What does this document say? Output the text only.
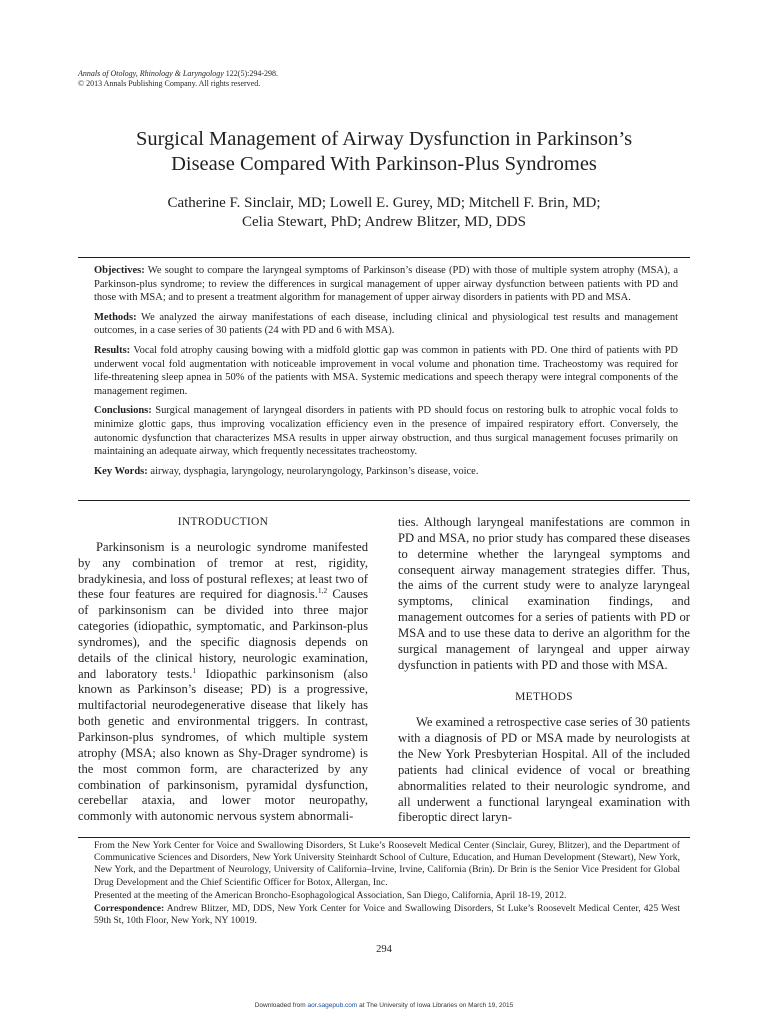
Annals of Otology, Rhinology & Laryngology 122(5):294-298.
© 2013 Annals Publishing Company. All rights reserved.
Surgical Management of Airway Dysfunction in Parkinson’s
Disease Compared With Parkinson-Plus Syndromes
Catherine F. Sinclair, MD; Lowell E. Gurey, MD; Mitchell F. Brin, MD;
Celia Stewart, PhD; Andrew Blitzer, MD, DDS

Objectives: We sought to compare the laryngeal symptoms of Parkinson’s disease (PD) with those of multiple system atrophy (MSA), a Parkinson-plus syndrome; to review the differences in surgical management of upper airway dysfunction between patients with PD and those with MSA; and to present a treatment algorithm for management of upper airway disorders in patients with PD and MSA.

Methods: We analyzed the airway manifestations of each disease, including clinical and physiological test results and management outcomes, in a case series of 30 patients (24 with PD and 6 with MSA).

Results: Vocal fold atrophy causing bowing with a midfold glottic gap was common in patients with PD. One third of patients with PD underwent vocal fold augmentation with noticeable improvement in vocal volume and phonation time. Tracheostomy was required for life-threatening sleep apnea in 50% of the patients with MSA. Systemic medications and speech therapy were integral components of the management regimen.

Conclusions: Surgical management of laryngeal disorders in patients with PD should focus on restoring bulk to atrophic vocal folds to minimize glottic gaps, thus improving vocalization efficiency even in the presence of impaired respiratory effort. Conversely, the autonomic dysfunction that characterizes MSA results in upper airway obstruction, and thus surgical management focuses primarily on maintaining an adequate airway, which frequently necessitates tracheostomy.

Key Words: airway, dysphagia, laryngology, neurolaryngology, Parkinson’s disease, voice.

INTRODUCTION

Parkinsonism is a neurologic syndrome manifested by any combination of tremor at rest, rigidity, bradykinesia, and loss of postural reflexes; at least two of these four features are required for diagnosis.$^{1,2}$ Causes of parkinsonism can be divided into three major categories (idiopathic, symptomatic, and Parkinson-plus syndromes), and the specific diagnosis depends on details of the clinical history, neurologic examination, and laboratory tests.$^1$ Idiopathic parkinsonism (also known as Parkinson’s disease; PD) is a progressive, multifactorial neurodegenerative disease that likely has both genetic and environmental triggers. In contrast, Parkinson-plus syndromes, of which multiple system atrophy (MSA; also known as Shy-Drager syndrome) is the most common form, are characterized by any combination of parkinsonism, pyramidal dysfunction, cerebellar ataxia, and lower motor neuropathy, commonly with autonomic nervous system abnormali-

ties. Although laryngeal manifestations are common in PD and MSA, no prior study has compared these diseases to determine whether the laryngeal symptoms and consequent airway management strategies differ. Thus, the aims of the current study were to analyze laryngeal symptoms, clinical examination findings, and management outcomes for a series of patients with PD or MSA and to use these data to derive an algorithm for the surgical management of laryngeal and upper airway dysfunction in patients with PD and those with MSA.

METHODS

We examined a retrospective case series of 30 patients with a diagnosis of PD or MSA made by neurologists at the New York Presbyterian Hospital. All of the included patients had clinical evidence of vocal or breathing abnormalities related to their neurologic syndrome, and all underwent a functional laryngeal examination with fiberoptic direct laryn-

From the New York Center for Voice and Swallowing Disorders, St Luke’s Roosevelt Medical Center (Sinclair, Gurey, Blitzer), and the Department of Communicative Sciences and Disorders, New York University Steinhardt School of Culture, Education, and Human Development (Stewart), New York, New York, and the Department of Neurology, University of California–Irvine, Irvine, California (Brin). Dr Brin is the Senior Vice President for Global Drug Development and the Chief Scientific Officer for Botox, Allergan, Inc.

Presented at the meeting of the American Broncho-Esophagological Association, San Diego, California, April 18-19, 2012.

Correspondence: Andrew Blitzer, MD, DDS, New York Center for Voice and Swallowing Disorders, St Luke’s Roosevelt Medical Center, 425 West 59th St, 10th Floor, New York, NY 10019.

294
Downloaded from aor.sagepub.com at The University of Iowa Libraries on March 19, 2015
